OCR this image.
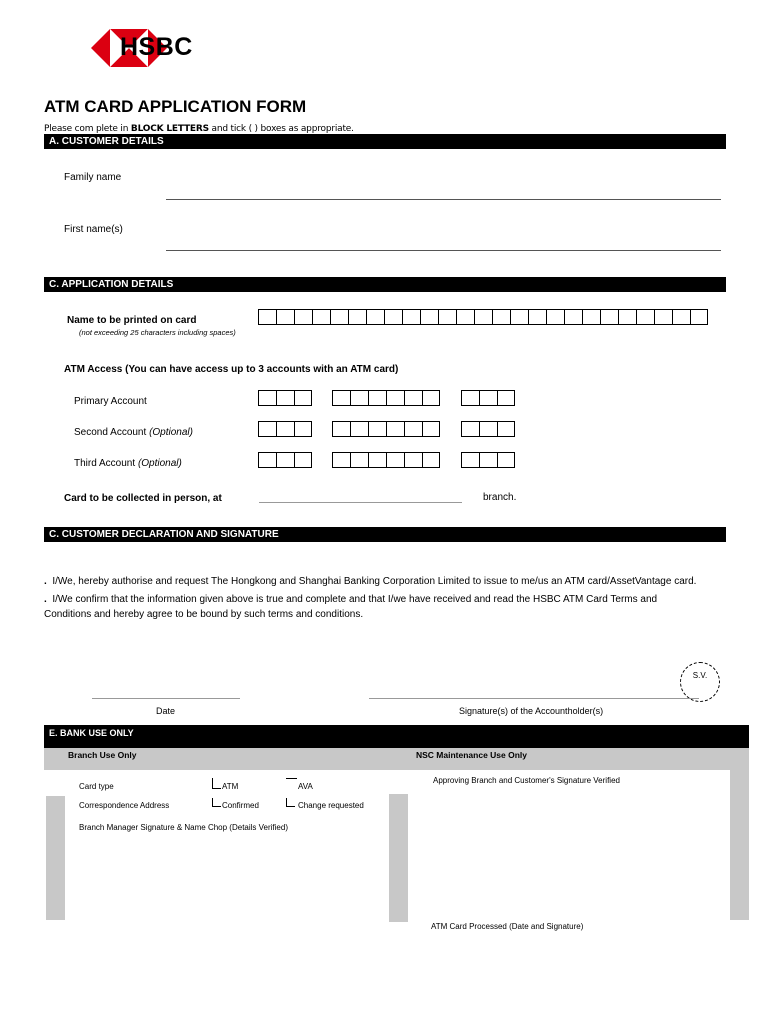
HSBC
ATM CARD APPLICATION FORM
Please com plete in BLOCK LETTERS and tick ( ) boxes as appropriate.
A. CUSTOMER DETAILS
Family name
First name(s)
C. APPLICATION DETAILS
Name to be printed on card
(not exceeding 25 characters including spaces)
ATM Access (You can have access up to 3 accounts with an ATM card)
Primary Account
Second Account (Optional)
Third Account (Optional)
Card to be collected in person, at	branch.
C. CUSTOMER DECLARATION AND SIGNATURE
. I/We, hereby authorise and request The Hongkong and Shanghai Banking Corporation Limited to issue to me/us an ATM card/AssetVantage card.
. I/We confirm that the information given above is true and complete and that I/we have received and read the HSBC ATM Card Terms and
Conditions and hereby agree to be bound by such terms and conditions.
S.V.
Date	Signature(s) of the Accountholder(s)
E. BANK USE ONLY
Branch Use Only	NSC Maintenance Use Only
Card type	ATM	AVA
Correspondence Address	Confirmed	Change requested
Branch Manager Signature & Name Chop (Details Verified)
Approving Branch and Customer's Signature Verified
ATM Card Processed (Date and Signature)
